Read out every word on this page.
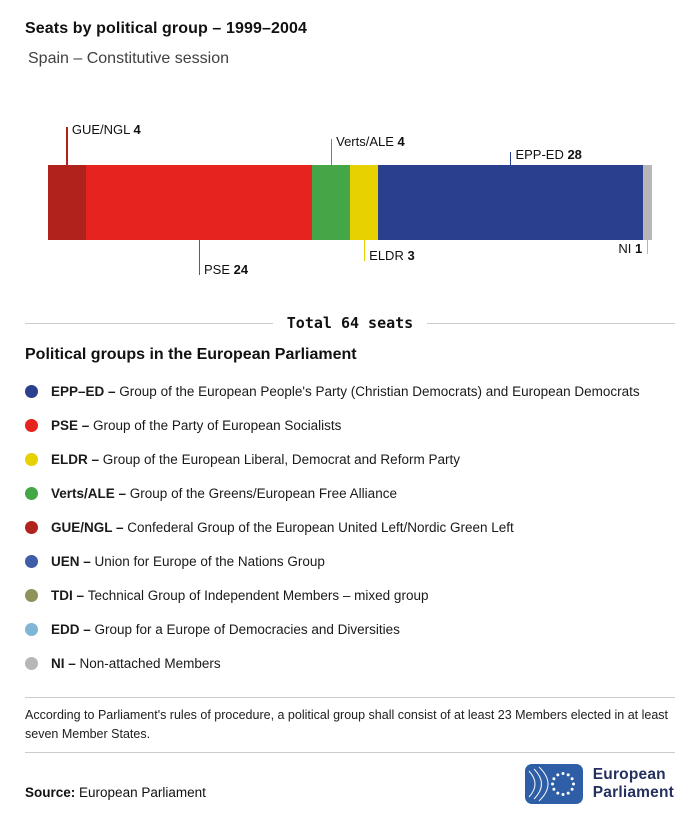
Seats by political group – 1999–2004
Spain – Constitutive session
GUE/NGL 4
PSE 24
Verts/ALE 4
ELDR 3
EPP-ED 28
NI 1
Total 64 seats
Political groups in the European Parliament
EPP–ED – Group of the European People's Party (Christian Democrats) and European Democrats
PSE – Group of the Party of European Socialists
ELDR – Group of the European Liberal, Democrat and Reform Party
Verts/ALE – Group of the Greens/European Free Alliance
GUE/NGL – Confederal Group of the European United Left/Nordic Green Left
UEN – Union for Europe of the Nations Group
TDI – Technical Group of Independent Members – mixed group
EDD – Group for a Europe of Democracies and Diversities
NI – Non-attached Members
According to Parliament's rules of procedure, a political group shall consist of at least 23 Members elected in at least seven Member States.
Source: European Parliament
European
Parliament
